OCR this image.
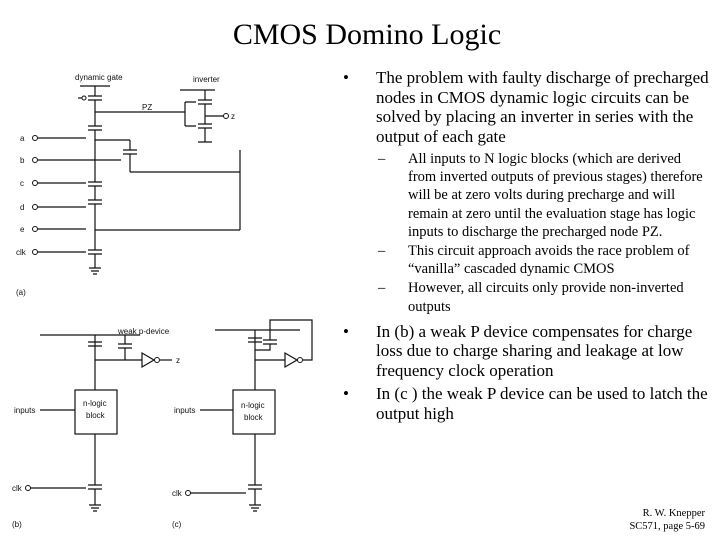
CMOS Domino Logic
dynamic gate	inverter
PZ
z
a
b
c
d
e
clk
(a)
weak p-device
z
n-logic
block
inputs
clk
(b)
n-logic
block
inputs
clk
(c)
• The problem with faulty discharge of precharged nodes in CMOS dynamic logic circuits can be solved by placing an inverter in series with the output of each gate
– All inputs to N logic blocks (which are derived from inverted outputs of previous stages) therefore will be at zero volts during precharge and will remain at zero until the evaluation stage has logic inputs to discharge the precharged node PZ.
– This circuit approach avoids the race problem of “vanilla” cascaded dynamic CMOS
– However, all circuits only provide non-inverted outputs
• In (b) a weak P device compensates for charge loss due to charge sharing and leakage at low frequency clock operation
• In (c ) the weak P device can be used to latch the output high
R. W. Knepper
SC571, page 5-69
